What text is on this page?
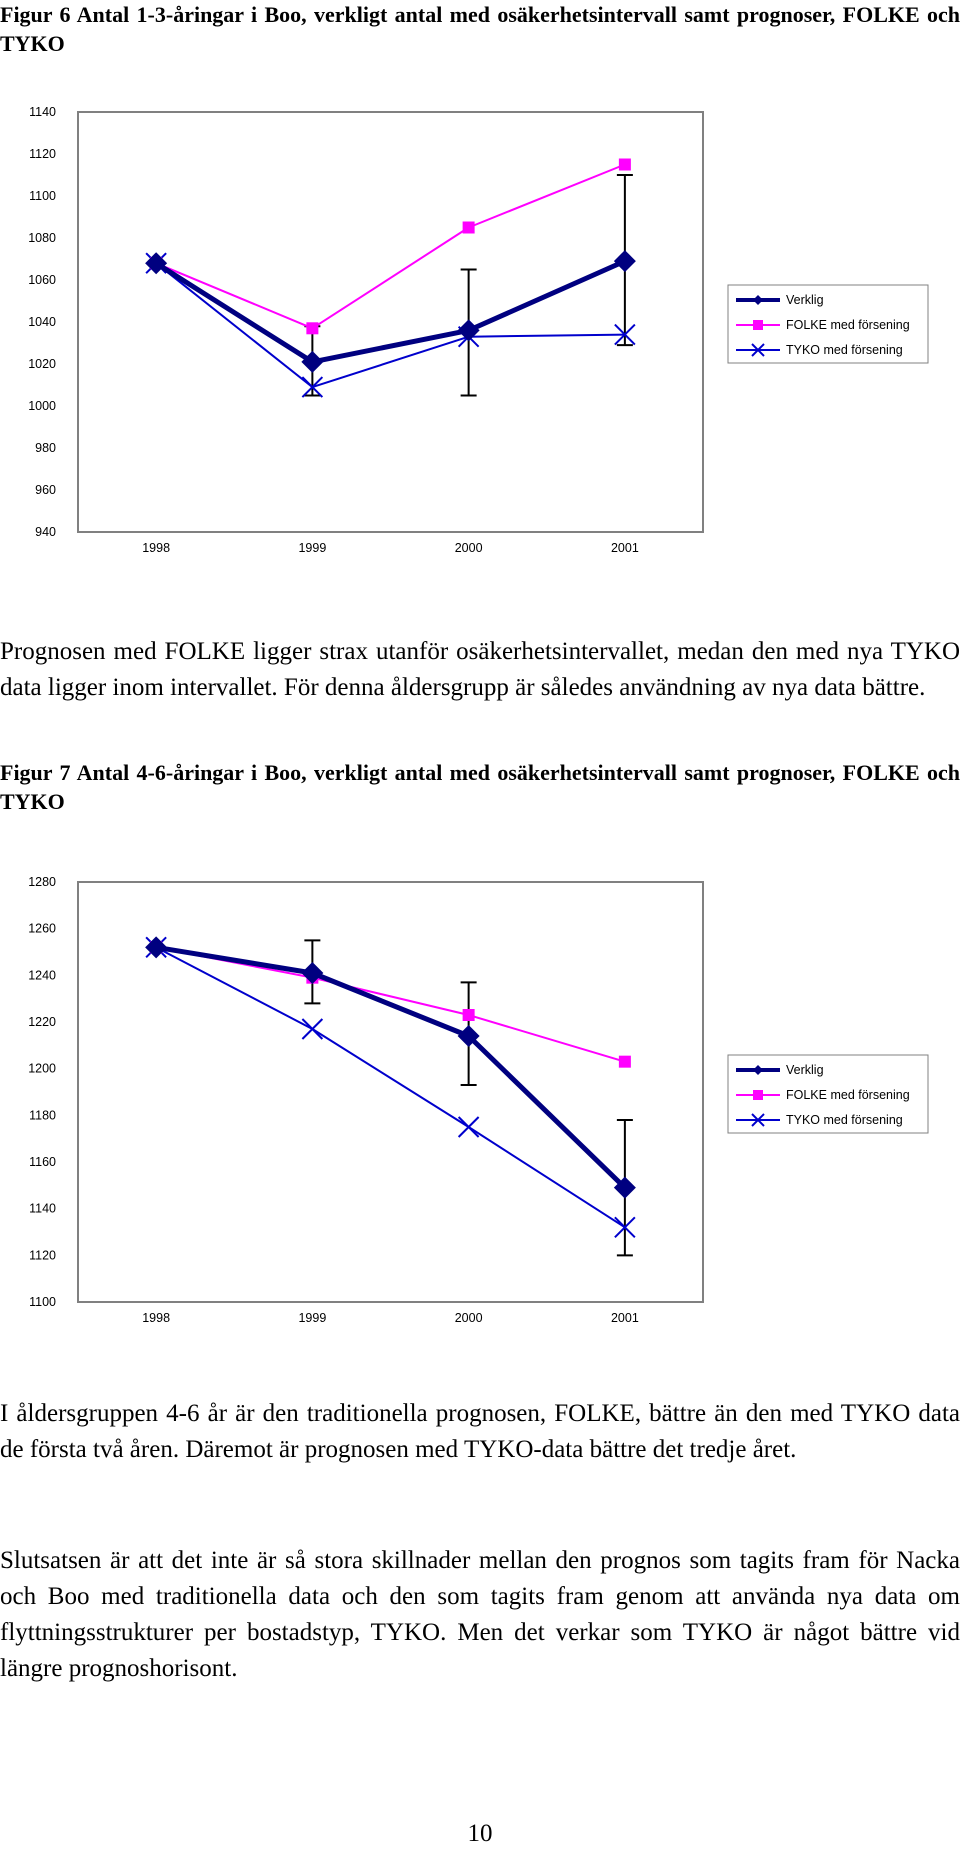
Figur 6 Antal 1-3-åringar i Boo, verkligt antal med osäkerhetsintervall samt prognoser, FOLKE och TYKO
940
960
980
1000
1020
1040
1060
1080
1100
1120
1140
1998	1999	2000	2001
Verklig
FOLKE med försening
TYKO med försening
Prognosen med FOLKE ligger strax utanför osäkerhetsintervallet, medan den med nya TYKO data ligger inom intervallet. För denna åldersgrupp är således användning av nya data bättre.
Figur 7 Antal 4-6-åringar i Boo, verkligt antal med osäkerhetsintervall samt prognoser, FOLKE och TYKO
1100
1120
1140
1160
1180
1200
1220
1240
1260
1280
1998	1999	2000	2001
Verklig
FOLKE med försening
TYKO med försening
I åldersgruppen 4-6 år är den traditionella prognosen, FOLKE, bättre än den med TYKO data de första två åren. Däremot är prognosen med TYKO-data bättre det tredje året.
Slutsatsen är att det inte är så stora skillnader mellan den prognos som tagits fram för Nacka och Boo med traditionella data och den som tagits fram genom att använda nya data om flyttningsstrukturer per bostadstyp, TYKO. Men det verkar som TYKO är något bättre vid längre prognoshorisont.
10
